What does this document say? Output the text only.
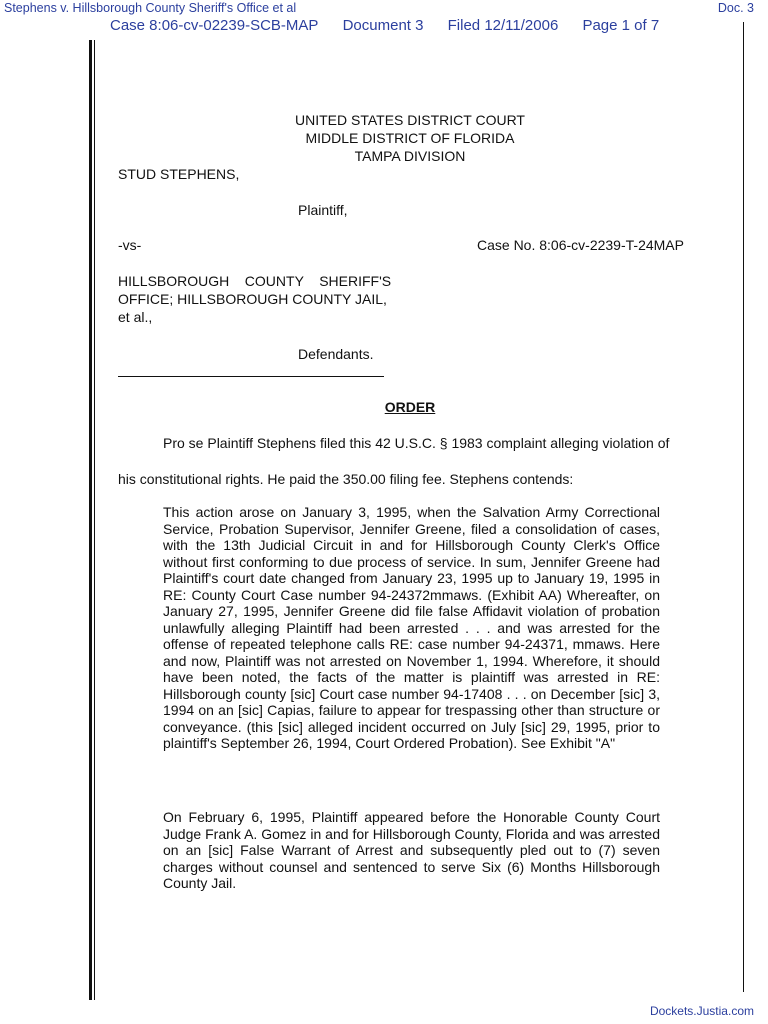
Stephens v. Hillsborough County Sheriff's Office et al	Doc. 3
Case 8:06-cv-02239-SCB-MAP Document 3 Filed 12/11/2006 Page 1 of 7
UNITED STATES DISTRICT COURT
MIDDLE DISTRICT OF FLORIDA
TAMPA DIVISION
STUD STEPHENS,
Plaintiff,
-vs-	Case No. 8:06-cv-2239-T-24MAP
HILLSBOROUGH    COUNTY    SHERIFF'S
OFFICE; HILLSBOROUGH COUNTY JAIL,
et al.,
Defendants.
ORDER
Pro se Plaintiff Stephens filed this 42 U.S.C. § 1983 complaint alleging violation of
his constitutional rights. He paid the 350.00 filing fee. Stephens contends:
This action arose on January 3, 1995, when the Salvation Army Correctional Service, Probation Supervisor, Jennifer Greene, filed a consolidation of cases, with the 13th Judicial Circuit in and for Hillsborough County Clerk's Office without first conforming to due process of service. In sum, Jennifer Greene had Plaintiff's court date changed from January 23, 1995 up to January 19, 1995 in RE: County Court Case number 94-24372mmaws. (Exhibit AA) Whereafter, on January 27, 1995, Jennifer Greene did file false Affidavit violation of probation unlawfully alleging Plaintiff had been arrested . . . and was arrested for the offense of repeated telephone calls RE: case number 94-24371, mmaws. Here and now, Plaintiff was not arrested on November 1, 1994. Wherefore, it should have been noted, the facts of the matter is plaintiff was arrested in RE: Hillsborough county [sic] Court case number 94-17408 . . . on December [sic] 3, 1994 on an [sic] Capias, failure to appear for trespassing other than structure or conveyance. (this [sic] alleged incident occurred on July [sic] 29, 1995, prior to plaintiff's September 26, 1994, Court Ordered Probation). See Exhibit "A"
On February 6, 1995, Plaintiff appeared before the Honorable County Court Judge Frank A. Gomez in and for Hillsborough County, Florida and was arrested on an [sic] False Warrant of Arrest and subsequently pled out to (7) seven charges without counsel and sentenced to serve Six (6) Months Hillsborough County Jail.
Dockets.Justia.com
